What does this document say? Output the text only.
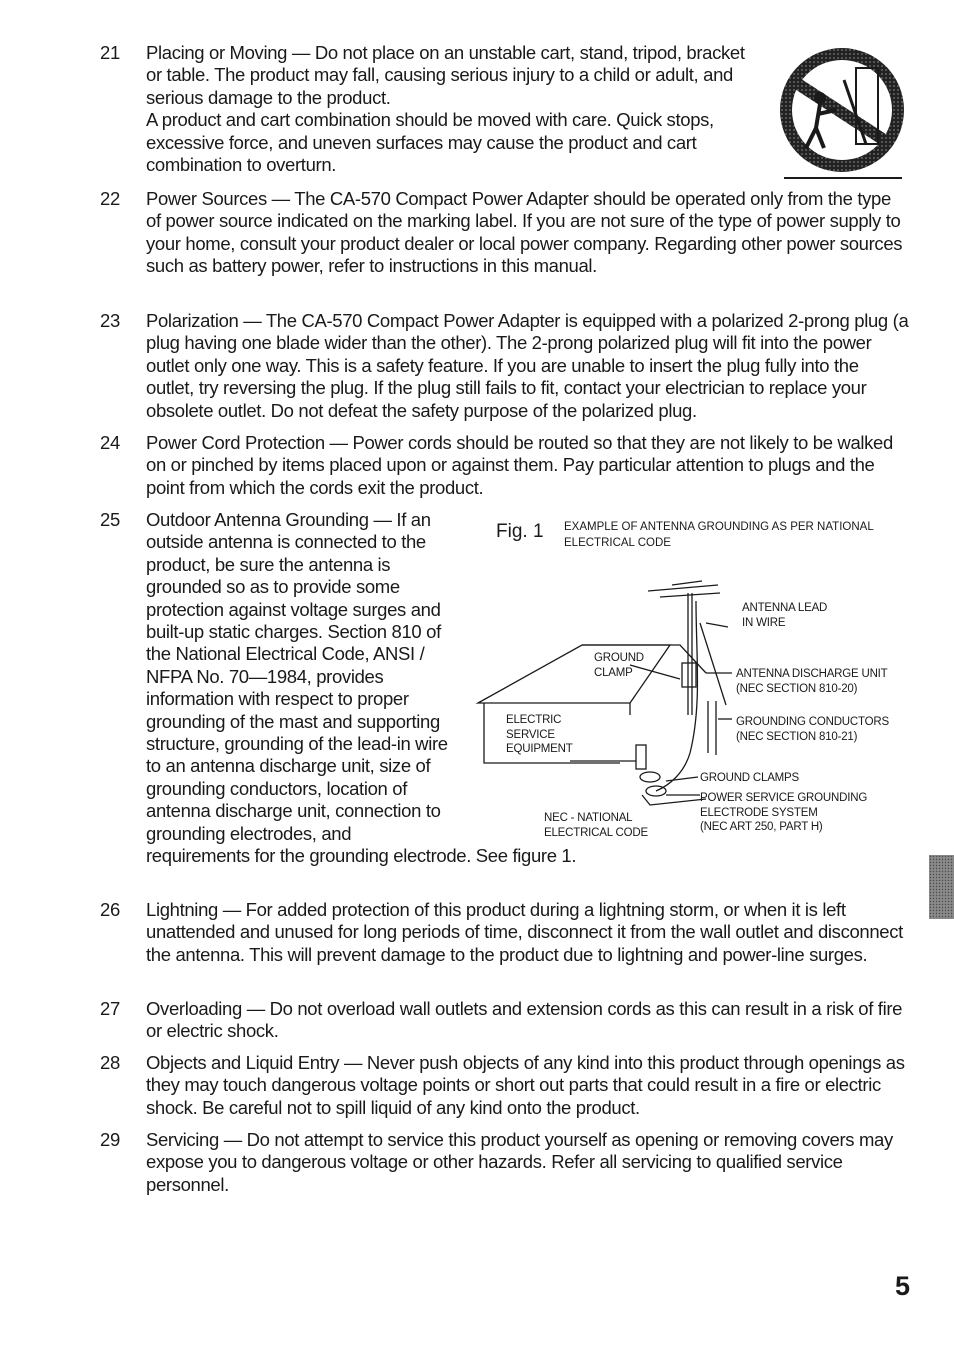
21 Placing or Moving — Do not place on an unstable cart, stand, tripod, bracket or table. The product may fall, causing serious injury to a child or adult, and serious damage to the product.

A product and cart combination should be moved with care. Quick stops, excessive force, and uneven surfaces may cause the product and cart combination to overturn.

22 Power Sources — The CA-570 Compact Power Adapter should be operated only from the type of power source indicated on the marking label. If you are not sure of the type of power supply to your home, consult your product dealer or local power company. Regarding other power sources such as battery power, refer to instructions in this manual.

23 Polarization — The CA-570 Compact Power Adapter is equipped with a polarized 2-prong plug (a plug having one blade wider than the other). The 2-prong polarized plug will fit into the power outlet only one way. This is a safety feature. If you are unable to insert the plug fully into the outlet, try reversing the plug. If the plug still fails to fit, contact your electrician to replace your obsolete outlet. Do not defeat the safety purpose of the polarized plug.

24 Power Cord Protection — Power cords should be routed so that they are not likely to be walked on or pinched by items placed upon or against them. Pay particular attention to plugs and the point from which the cords exit the product.

25 Outdoor Antenna Grounding — If an outside antenna is connected to the product, be sure the antenna is grounded so as to provide some protection against voltage surges and built-up static charges. Section 810 of the National Electrical Code, ANSI / NFPA No. 70—1984, provides information with respect to proper grounding of the mast and supporting structure, grounding of the lead-in wire to an antenna discharge unit, size of grounding conductors, location of antenna discharge unit, connection to grounding electrodes, and

requirements for the grounding electrode. See figure 1.

Fig. 1 EXAMPLE OF ANTENNA GROUNDING AS PER NATIONAL
ELECTRICAL CODE
ANTENNA LEAD
IN WIRE
GROUND
CLAMP	ANTENNA DISCHARGE UNIT
(NEC SECTION 810-20)
GROUNDING CONDUCTORS
(NEC SECTION 810-21)
ELECTRIC
SERVICE
EQUIPMENT
GROUND CLAMPS
POWER SERVICE GROUNDING
ELECTRODE SYSTEM
(NEC ART 250, PART H)
NEC - NATIONAL
ELECTRICAL CODE
26 Lightning — For added protection of this product during a lightning storm, or when it is left unattended and unused for long periods of time, disconnect it from the wall outlet and disconnect the antenna. This will prevent damage to the product due to lightning and power-line surges.

27 Overloading — Do not overload wall outlets and extension cords as this can result in a risk of fire or electric shock.

28 Objects and Liquid Entry — Never push objects of any kind into this product through openings as they may touch dangerous voltage points or short out parts that could result in a fire or electric shock. Be careful not to spill liquid of any kind onto the product.

29 Servicing — Do not attempt to service this product yourself as opening or removing covers may expose you to dangerous voltage or other hazards. Refer all servicing to qualified service personnel.

5
